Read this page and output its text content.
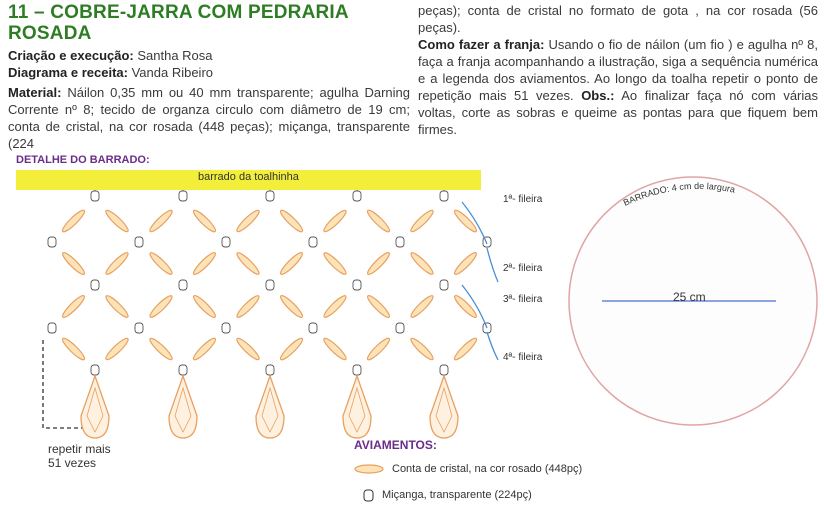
11 – COBRE-JARRA COM PEDRARIA ROSADA
Criação e execução: Santha Rosa
Diagrama e receita: Vanda Ribeiro
Material: Náilon 0,35 mm ou 40 mm transparente; agulha Darning Corrente nº 8; tecido de organza circulo com diâmetro de 19 cm; conta de cristal, na cor rosada (448 peças); miçanga, transparente (224
peças); conta de cristal no formato de gota , na cor rosada (56 peças).
Como fazer a franja: Usando o fio de náilon (um fio ) e agulha nº 8, faça a franja acompanhando a ilustração, siga a sequência numérica e a legenda dos aviamentos. Ao longo da toalha repetir o ponto de repetição mais 51 vezes. Obs.: Ao finalizar faça nó com várias voltas, corte as sobras e queime as pontas para que fiquem bem firmes.
DETALHE DO BARRADO:
barrado da toalhinha
1ª- fileira
2ª- fileira
3ª- fileira
4ª- fileira
repetir mais
51 vezes
BARRADO: 4 cm de largura
25 cm
AVIAMENTOS:
Conta de cristal, na cor rosado (448pç)
Miçanga, transparente (224pç)
